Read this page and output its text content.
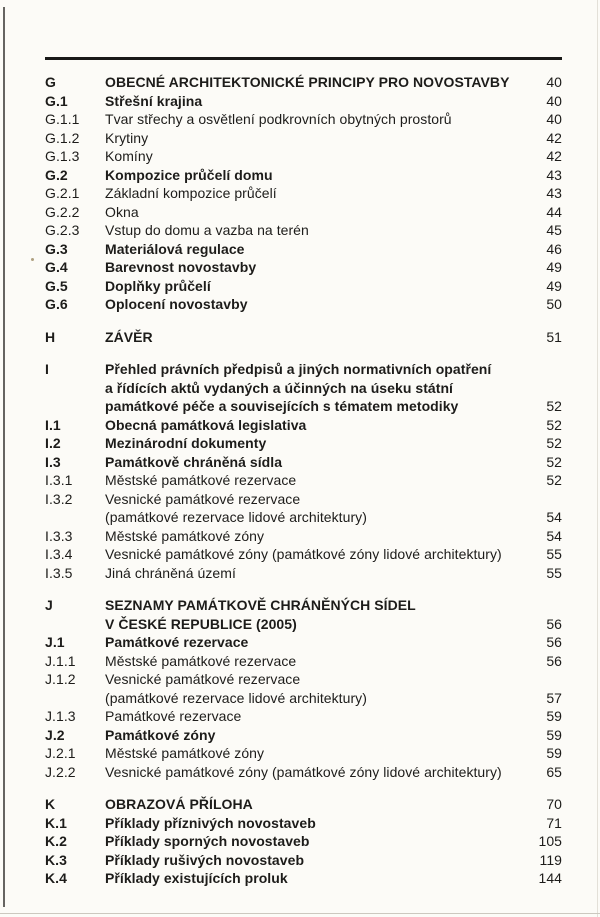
G	OBECNÉ ARCHITEKTONICKÉ PRINCIPY PRO NOVOSTAVBY	40
G.1	Střešní krajina	40
G.1.1	Tvar střechy a osvětlení podkrovních obytných prostorů	40
G.1.2	Krytiny	42
G.1.3	Komíny	42
G.2	Kompozice průčelí domu	43
G.2.1	Základní kompozice průčelí	43
G.2.2	Okna	44
G.2.3	Vstup do domu a vazba na terén	45
G.3	Materiálová regulace	46
G.4	Barevnost novostavby	49
G.5	Doplňky průčelí	49
G.6	Oplocení novostavby	50
H	ZÁVĚR	51
I	Přehled právních předpisů a jiných normativních opatření
a řídících aktů vydaných a účinných na úseku státní
památkové péče a souvisejících s tématem metodiky	52
I.1	Obecná památková legislativa	52
I.2	Mezinárodní dokumenty	52
I.3	Památkově chráněná sídla	52
I.3.1	Městské památkové rezervace	52
I.3.2	Vesnické památkové rezervace
(památkové rezervace lidové architektury)	54
I.3.3	Městské památkové zóny	54
I.3.4	Vesnické památkové zóny (památkové zóny lidové architektury)	55
I.3.5	Jiná chráněná území	55
J	SEZNAMY PAMÁTKOVĚ CHRÁNĚNÝCH SÍDEL
V ČESKÉ REPUBLICE (2005)	56
J.1	Památkové rezervace	56
J.1.1	Městské památkové rezervace	56
J.1.2	Vesnické památkové rezervace
(památkové rezervace lidové architektury)	57
J.1.3	Památkové rezervace	59
J.2	Památkové zóny	59
J.2.1	Městské památkové zóny	59
J.2.2	Vesnické památkové zóny (památkové zóny lidové architektury)	65
K	OBRAZOVÁ PŘÍLOHA	70
K.1	Příklady příznivých novostaveb	71
K.2	Příklady sporných novostaveb	105
K.3	Příklady rušivých novostaveb	119
K.4	Příklady existujících proluk	144
